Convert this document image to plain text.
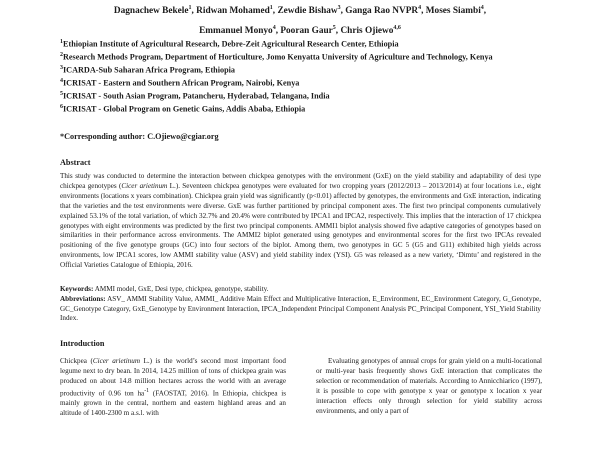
Dagnachew Bekele$^1$, Ridwan Mohamed$^1$, Zewdie Bishaw$^3$, Ganga Rao NVPR$^4$, Moses Siambi$^4$,
Emmanuel Monyo$^4$, Pooran Gaur$^5$, Chris Ojiewo$^{4,6}$

$^1$Ethiopian Institute of Agricultural Research, Debre-Zeit Agricultural Research Center, Ethiopia

$^2$Research Methods Program, Department of Horticulture, Jomo Kenyatta University of Agriculture and Technology, Kenya

$^3$ICARDA-Sub Saharan Africa Program, Ethiopia

$^4$ICRISAT - Eastern and Southern African Program, Nairobi, Kenya

$^5$ICRISAT - South Asian Program, Patancheru, Hyderabad, Telangana, India

$^6$ICRISAT - Global Program on Genetic Gains, Addis Ababa, Ethiopia

*Corresponding author: C.Ojiewo@cgiar.org
Abstract
This study was conducted to determine the interaction between chickpea genotypes with the environment (GxE) on the yield stability and adaptability of desi type chickpea genotypes (Cicer arietinum L.). Seventeen chickpea genotypes were evaluated for two cropping years (2012/2013 – 2013/2014) at four locations i.e., eight environments (locations x years combination). Chickpea grain yield was significantly (p<0.01) affected by genotypes, the environments and GxE interaction, indicating that the varieties and the test environments were diverse. GxE was further partitioned by principal component axes. The first two principal components cumulatively explained 53.1% of the total variation, of which 32.7% and 20.4% were contributed by IPCA1 and IPCA2, respectively. This implies that the interaction of 17 chickpea genotypes with eight environments was predicted by the first two principal components. AMMI1 biplot analysis showed five adaptive categories of genotypes based on similarities in their performance across environments. The AMMI2 biplot generated using genotypes and environmental scores for the first two IPCAs revealed positioning of the five genotype groups (GC) into four sectors of the biplot. Among them, two genotypes in GC 5 (G5 and G11) exhibited high yields across environments, low IPCA1 scores, low AMMI stability value (ASV) and yield stability index (YSI). G5 was released as a new variety, ‘Dimtu’ and registered in the Official Varieties Catalogue of Ethiopia, 2016.
Keywords: AMMI model, GxE, Desi type, chickpea, genotype, stability.
Abbreviations: ASV_ AMMI Stability Value, AMMI_ Additive Main Effect and Multiplicative Interaction, E_Environment, EC_Environment Category, G_Genotype, GC_Genotype Category, GxE_Genotype by Environment Interaction, IPCA_Independent Principal Component Analysis PC_Principal Component, YSI_Yield Stability Index.
Introduction
Chickpea (Cicer arietinum L.) is the world’s second most important food legume next to dry bean. In 2014, 14.25 million of tons of chickpea grain was produced on about 14.8 million hectares across the world with an average productivity of 0.96 ton $ha^{-1}$ (FAOSTAT, 2016). In Ethiopia, chickpea is mainly grown in the central, northern and eastern highland areas and an altitude of 1400-2300 m a.s.l. with
Evaluating genotypes of annual crops for grain yield on a multi-locational or multi-year basis frequently shows GxE interaction that complicates the selection or recommendation of materials. According to Annicchiarico (1997), it is possible to cope with genotype x year or genotype x location x year interaction effects only through selection for yield stability across environments, and only a part of
